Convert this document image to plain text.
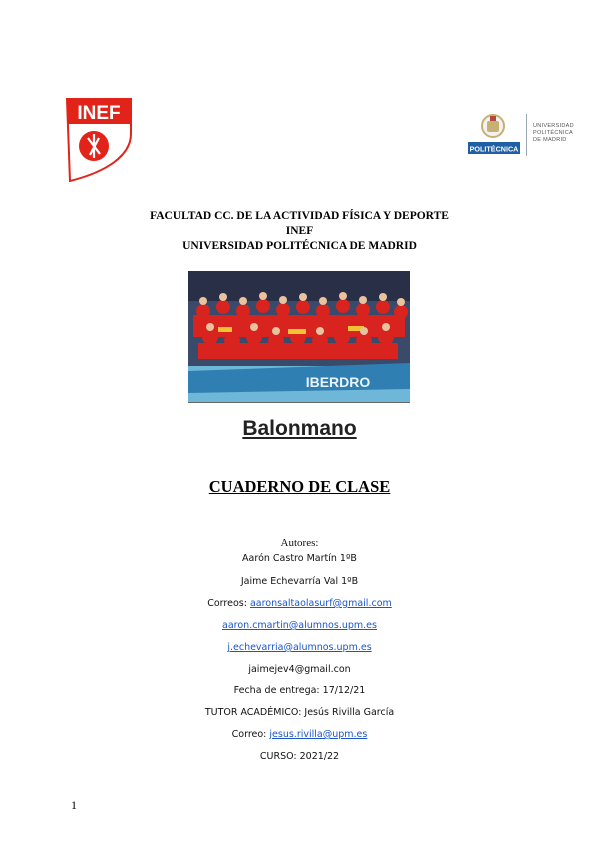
INEF
POLITÉCNICA
UNIVERSIDAD
POLITÉCNICA
DE MADRID
FACULTAD CC. DE LA ACTIVIDAD FÍSICA Y DEPORTE
INEF
UNIVERSIDAD POLITÉCNICA DE MADRID
IBERDRO
Balonmano
CUADERNO DE CLASE
Autores:
Aarón Castro Martín 1ºB
Jaime Echevarría Val 1ºB
Correos: aaronsaltaolasurf@gmail.com
aaron.cmartin@alumnos.upm.es
j.echevarria@alumnos.upm.es
jaimejev4@gmail.con
Fecha de entrega: 17/12/21
TUTOR ACADÉMICO: Jesús Rivilla García
Correo: jesus.rivilla@upm.es
CURSO: 2021/22
1
